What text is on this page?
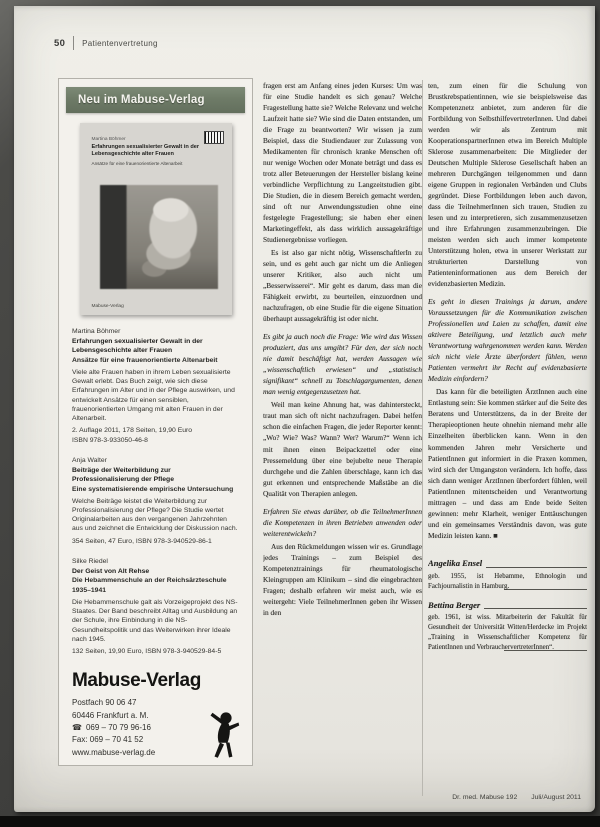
50 Patientenvertretung
Neu im Mabuse-Verlag
Martina Böhmer
Erfahrungen sexualisierter Gewalt in der Lebensgeschichte alter Frauen
Ansätze für eine frauenorientierte Altenarbeit
Mabuse-Verlag
Martina Böhmer
Erfahrungen sexualisierter Gewalt in der Lebensgeschichte alter Frauen
Ansätze für eine frauenorientierte Altenarbeit
Viele alte Frauen haben in ihrem Leben sexualisierte Gewalt erlebt. Das Buch zeigt, wie sich diese Erfahrungen im Alter und in der Pflege auswirken, und entwickelt Ansätze für einen sensiblen, frauenorientierten Umgang mit alten Frauen in der Altenarbeit.
2. Auflage 2011, 178 Seiten, 19,90 Euro
ISBN 978-3-933050-46-8
Anja Walter
Beiträge der Weiterbildung zur Professionalisierung der Pflege
Eine systematisierende empirische Untersuchung
Welche Beiträge leistet die Weiterbildung zur Professionalisierung der Pflege? Die Studie wertet Originalarbeiten aus den vergangenen Jahrzehnten aus und zeichnet die Entwicklung der Diskussion nach.
354 Seiten, 47 Euro, ISBN 978-3-940529-86-1
Silke Riedel
Der Geist von Alt Rehse
Die Hebammenschule an der Reichsärzteschule 1935–1941
Die Hebammenschule galt als Vorzeigeprojekt des NS-Staates. Der Band beschreibt Alltag und Ausbildung an der Schule, ihre Einbindung in die NS-Gesundheitspolitik und das Weiterwirken ihrer Ideale nach 1945.
132 Seiten, 19,90 Euro, ISBN 978-3-940529-84-5
Mabuse-Verlag
Postfach 90 06 47
60446 Frankfurt a. M.
☎ 069 – 70 79 96-16
Fax: 069 – 70 41 52
www.mabuse-verlag.de

fragen erst am Anfang eines jeden Kurses: Um was für eine Studie handelt es sich genau? Welche Fragestellung hatte sie? Welche Relevanz und welche Laufzeit hatte sie? Wie sind die Daten entstanden, um die Frage zu beantworten? Wir wissen ja zum Beispiel, dass die Studiendauer zur Zulassung von Medikamenten für chronisch kranke Menschen oft nur wenige Wochen oder Monate beträgt und dass es trotz aller Beteuerungen der Hersteller bislang keine verbindliche Verpflichtung zu Langzeitstudien gibt. Die Studien, die in diesem Bereich gemacht werden, sind oft nur Anwendungsstudien ohne eine festgelegte Fragestellung; sie haben eher einen Marketingeffekt, als dass wirklich aussagekräftige Studienergebnisse vorliegen.

Es ist also gar nicht nötig, WissenschaftlerIn zu sein, und es geht auch gar nicht um die Anliegen unserer Kritiker, also auch nicht um „Besserwisserei“. Mir geht es darum, dass man die Fähigkeit erwirbt, zu beurteilen, einzuordnen und nachzufragen, ob eine Studie für die eigene Situation überhaupt aussagekräftig ist oder nicht.

Es gibt ja auch noch die Frage: Wie wird das Wissen produziert, das uns umgibt? Für den, der sich noch nie damit beschäftigt hat, werden Aussagen wie „wissenschaftlich erwiesen“ und „statistisch signifikant“ schnell zu Totschlagargumenten, denen man wenig entgegenzusetzen hat.

Weil man keine Ahnung hat, was dahintersteckt, traut man sich oft nicht nachzufragen. Dabei helfen schon die einfachen Fragen, die jeder Reporter kennt: „Wo? Wie? Was? Wann? Wer? Warum?“ Wenn ich mit ihnen einen Beipackzettel oder eine Pressemeldung über eine bejubelte neue Therapie durchgehe und die Zahlen überschlage, kann ich das gut erkennen und entsprechende Maßstäbe an die Qualität von Therapien anlegen.

Erfahren Sie etwas darüber, ob die TeilnehmerInnen die Kompetenzen in ihren Betrieben anwenden oder weiterentwickeln?

Aus den Rückmeldungen wissen wir es. Grundlage jedes Trainings – zum Beispiel des Kompetenztrainings für rheumatologische Kleingruppen am Klinikum – sind die eingebrachten Fragen; deshalb erfahren wir meist auch, wie es weitergeht: Viele TeilnehmerInnen geben ihr Wissen in den

ten, zum einen für die Schulung von Brustkrebspatientinnen, wie sie beispielsweise das Kompetenznetz anbietet, zum anderen für die Fortbildung von SelbsthilfevertreterInnen. Und dabei werden wir als Zentrum mit KooperationspartnerInnen etwa im Bereich Multiple Sklerose zusammenarbeiten: Die Mitglieder der Deutschen Multiple Sklerose Gesellschaft haben an mehreren Durchgängen teilgenommen und dann eigene Gruppen in regionalen Verbänden und Clubs gegründet. Diese Fortbildungen leben auch davon, dass die TeilnehmerInnen sich trauen, Studien zu lesen und zu interpretieren, sich zusammenzusetzen und ihre Erfahrungen zusammenzubringen. Die meisten werden sich auch immer kompetente Unterstützung holen, etwa in unserer Werkstatt zur strukturierten Darstellung von Patienteninformationen aus dem Bereich der evidenzbasierten Medizin.

Es geht in diesen Trainings ja darum, andere Voraussetzungen für die Kommunikation zwischen Professionellen und Laien zu schaffen, damit eine aktivere Beteiligung, und letztlich auch mehr Verantwortung wahrgenommen werden kann. Werden sich nicht viele Ärzte überfordert fühlen, wenn Patienten vermehrt ihr Recht auf evidenzbasierte Medizin einfordern?

Das kann für die beteiligten ÄrztInnen auch eine Entlastung sein: Sie kommen stärker auf die Seite des Beratens und Unterstützens, da in der Breite der Therapieoptionen heute ohnehin niemand mehr alle Einzelheiten überblicken kann. Wenn in den kommenden Jahren mehr Versicherte und PatientInnen gut informiert in die Praxen kommen, wird sich der Umgangston verändern. Ich hoffe, dass sich dann weniger ÄrztInnen überfordert fühlen, weil PatientInnen mitentscheiden und Verantwortung mittragen – und dass am Ende beide Seiten gewinnen: mehr Klarheit, weniger Enttäuschungen und ein gemeinsames Verständnis davon, was gute Medizin leisten kann. ■

Angelika Ensel
geb. 1955, ist Hebamme, Ethnologin und Fachjournalistin in Hamburg.
Bettina Berger
geb. 1961, ist wiss. Mitarbeiterin der Fakultät für Gesundheit der Universität Witten/Herdecke im Projekt „Training in Wissenschaftlicher Kompetenz für PatientInnen und VerbrauchervertreterInnen“.
Dr. med. Mabuse 192 Juli/August 2011
